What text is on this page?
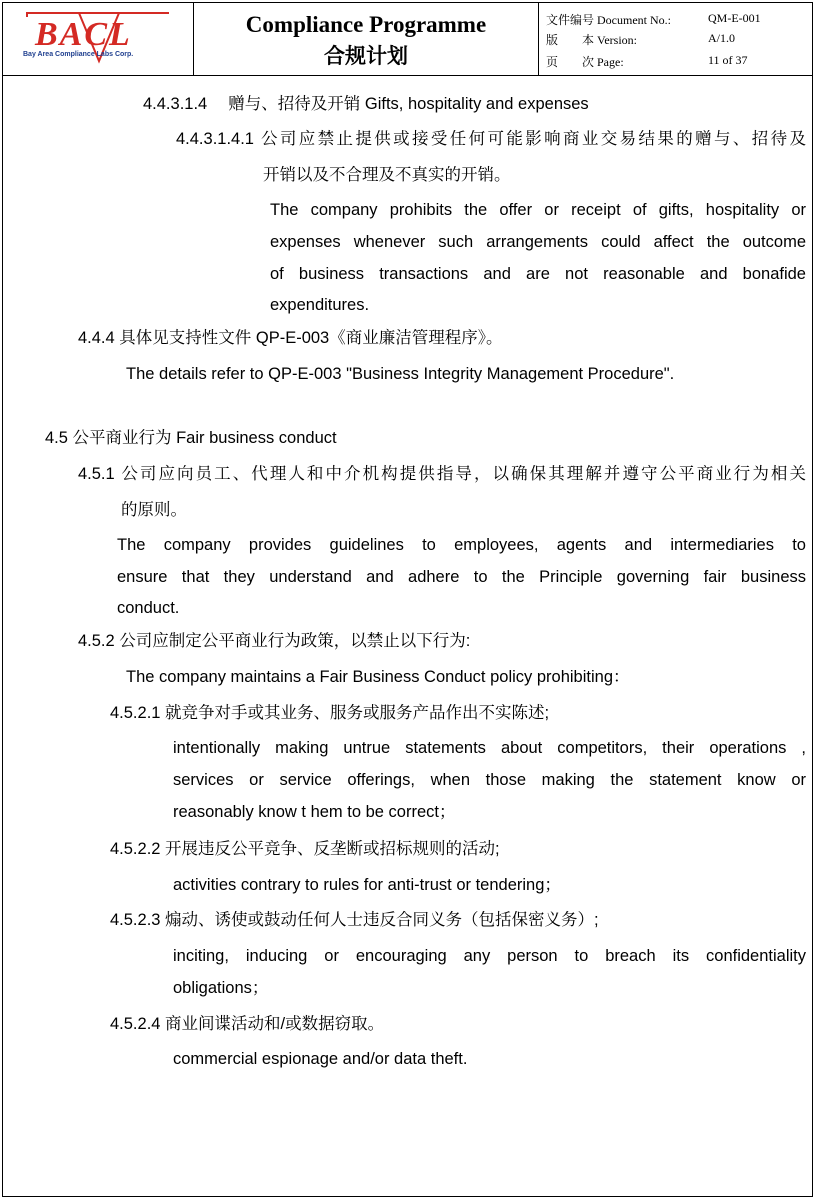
BACL
Bay Area Compliance Labs Corp.
Compliance Programme
合规计划
文件编号 Document No.:	QM-E-001
版　　本 Version:	A/1.0
页　　次 Page:	11 of 37
4.4.3.1.4　 赠与、招待及开销 Gifts, hospitality and expenses
4.4.3.1.4.1 公司应禁止提供或接受任何可能影响商业交易结果的赠与、招待及
开销以及不合理及不真实的开销。
The company prohibits the offer or receipt of gifts, hospitality or
expenses whenever such arrangements could affect the outcome
of business transactions and are not reasonable and bonafide
expenditures.
4.4.4 具体见支持性文件 QP-E-003《商业廉洁管理程序》。
The details refer to QP-E-003 "Business Integrity Management Procedure".
4.5 公平商业行为 Fair business conduct
4.5.1 公司应向员工、代理人和中介机构提供指导，以确保其理解并遵守公平商业行为相关
的原则。
The company provides guidelines to employees, agents and intermediaries to
ensure that they understand and adhere to the Principle governing fair business
conduct.
4.5.2 公司应制定公平商业行为政策，以禁止以下行为:
The company maintains a Fair Business Conduct policy prohibiting：
4.5.2.1 就竞争对手或其业务、服务或服务产品作出不实陈述;
intentionally making untrue statements about competitors, their operations ,
services or service offerings, when those making the statement know or
reasonably know t hem to be correct；
4.5.2.2 开展违反公平竞争、反垄断或招标规则的活动;
activities contrary to rules for anti-trust or tendering；
4.5.2.3 煽动、诱使或鼓动任何人士违反合同义务（包括保密义务）;
inciting, inducing or encouraging any person to breach its confidentiality
obligations；
4.5.2.4 商业间谍活动和/或数据窃取。
commercial espionage and/or data theft.
